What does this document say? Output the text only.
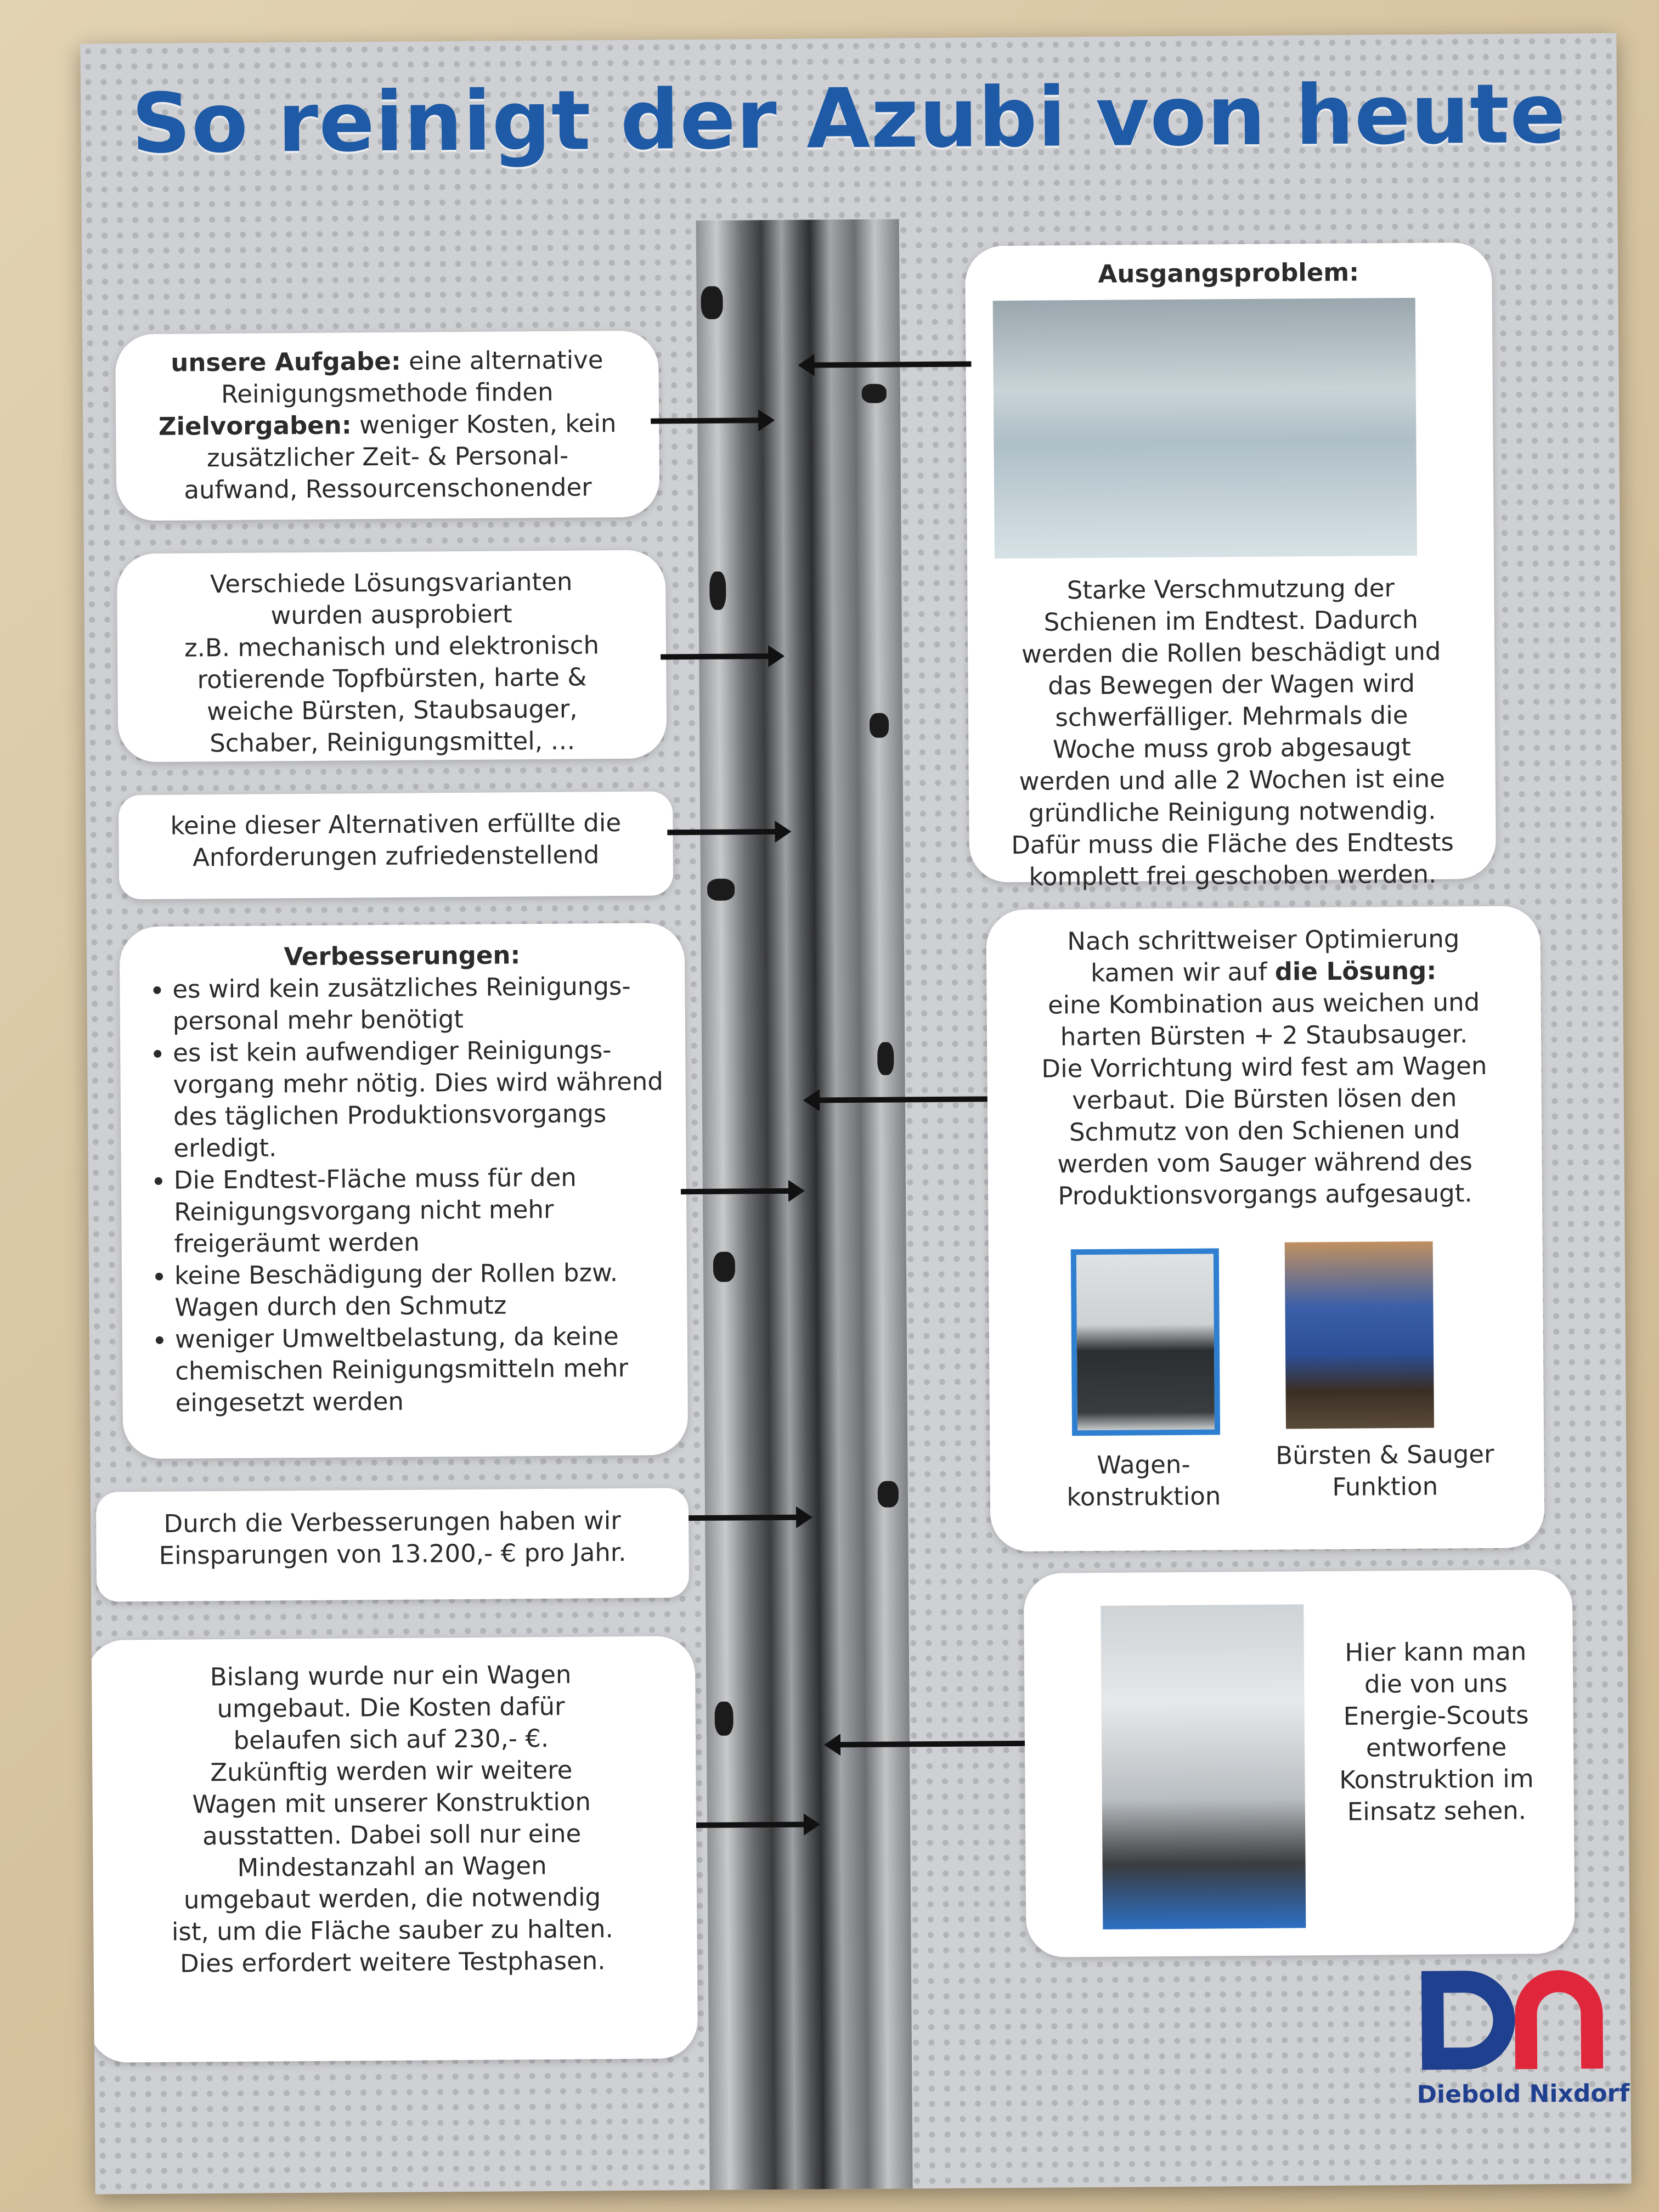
So reinigt der Azubi von heute
unsere Aufgabe: eine alternative
Reinigungsmethode finden
Zielvorgaben: weniger Kosten, kein
zusätzlicher Zeit- & Personal-
aufwand, Ressourcenschonender
Verschiede Lösungsvarianten
wurden ausprobiert
z.B. mechanisch und elektronisch
rotierende Topfbürsten, harte &
weiche Bürsten, Staubsauger,
Schaber, Reinigungsmittel, …
keine dieser Alternativen erfüllte die
Anforderungen zufriedenstellend
Verbesserungen:
• es wird kein zusätzliches Reinigungs-personal mehr benötigt
• es ist kein aufwendiger Reinigungs-vorgang mehr nötig. Dies wird während des täglichen Produktionsvorgangs erledigt.
• Die Endtest-Fläche muss für den Reinigungsvorgang nicht mehr freigeräumt werden
• keine Beschädigung der Rollen bzw. Wagen durch den Schmutz
• weniger Umweltbelastung, da keine chemischen Reinigungsmitteln mehr eingesetzt werden
Durch die Verbesserungen haben wir
Einsparungen von 13.200,- € pro Jahr.
Bislang wurde nur ein Wagen
umgebaut. Die Kosten dafür
belaufen sich auf 230,- €.
Zukünftig werden wir weitere
Wagen mit unserer Konstruktion
ausstatten. Dabei soll nur eine
Mindestanzahl an Wagen
umgebaut werden, die notwendig
ist, um die Fläche sauber zu halten.
Dies erfordert weitere Testphasen.
Ausgangsproblem:
Starke Verschmutzung der
Schienen im Endtest. Dadurch
werden die Rollen beschädigt und
das Bewegen der Wagen wird
schwerfälliger. Mehrmals die
Woche muss grob abgesaugt
werden und alle 2 Wochen ist eine
gründliche Reinigung notwendig.
Dafür muss die Fläche des Endtests
komplett frei geschoben werden.
Nach schrittweiser Optimierung
kamen wir auf die Lösung:
eine Kombination aus weichen und
harten Bürsten + 2 Staubsauger.
Die Vorrichtung wird fest am Wagen
verbaut. Die Bürsten lösen den
Schmutz von den Schienen und
werden vom Sauger während des
Produktionsvorgangs aufgesaugt.
Wagen-
konstruktion
Bürsten & Sauger
Funktion
Hier kann man
die von uns
Energie-Scouts
entworfene
Konstruktion im
Einsatz sehen.
Diebold Nixdorf
